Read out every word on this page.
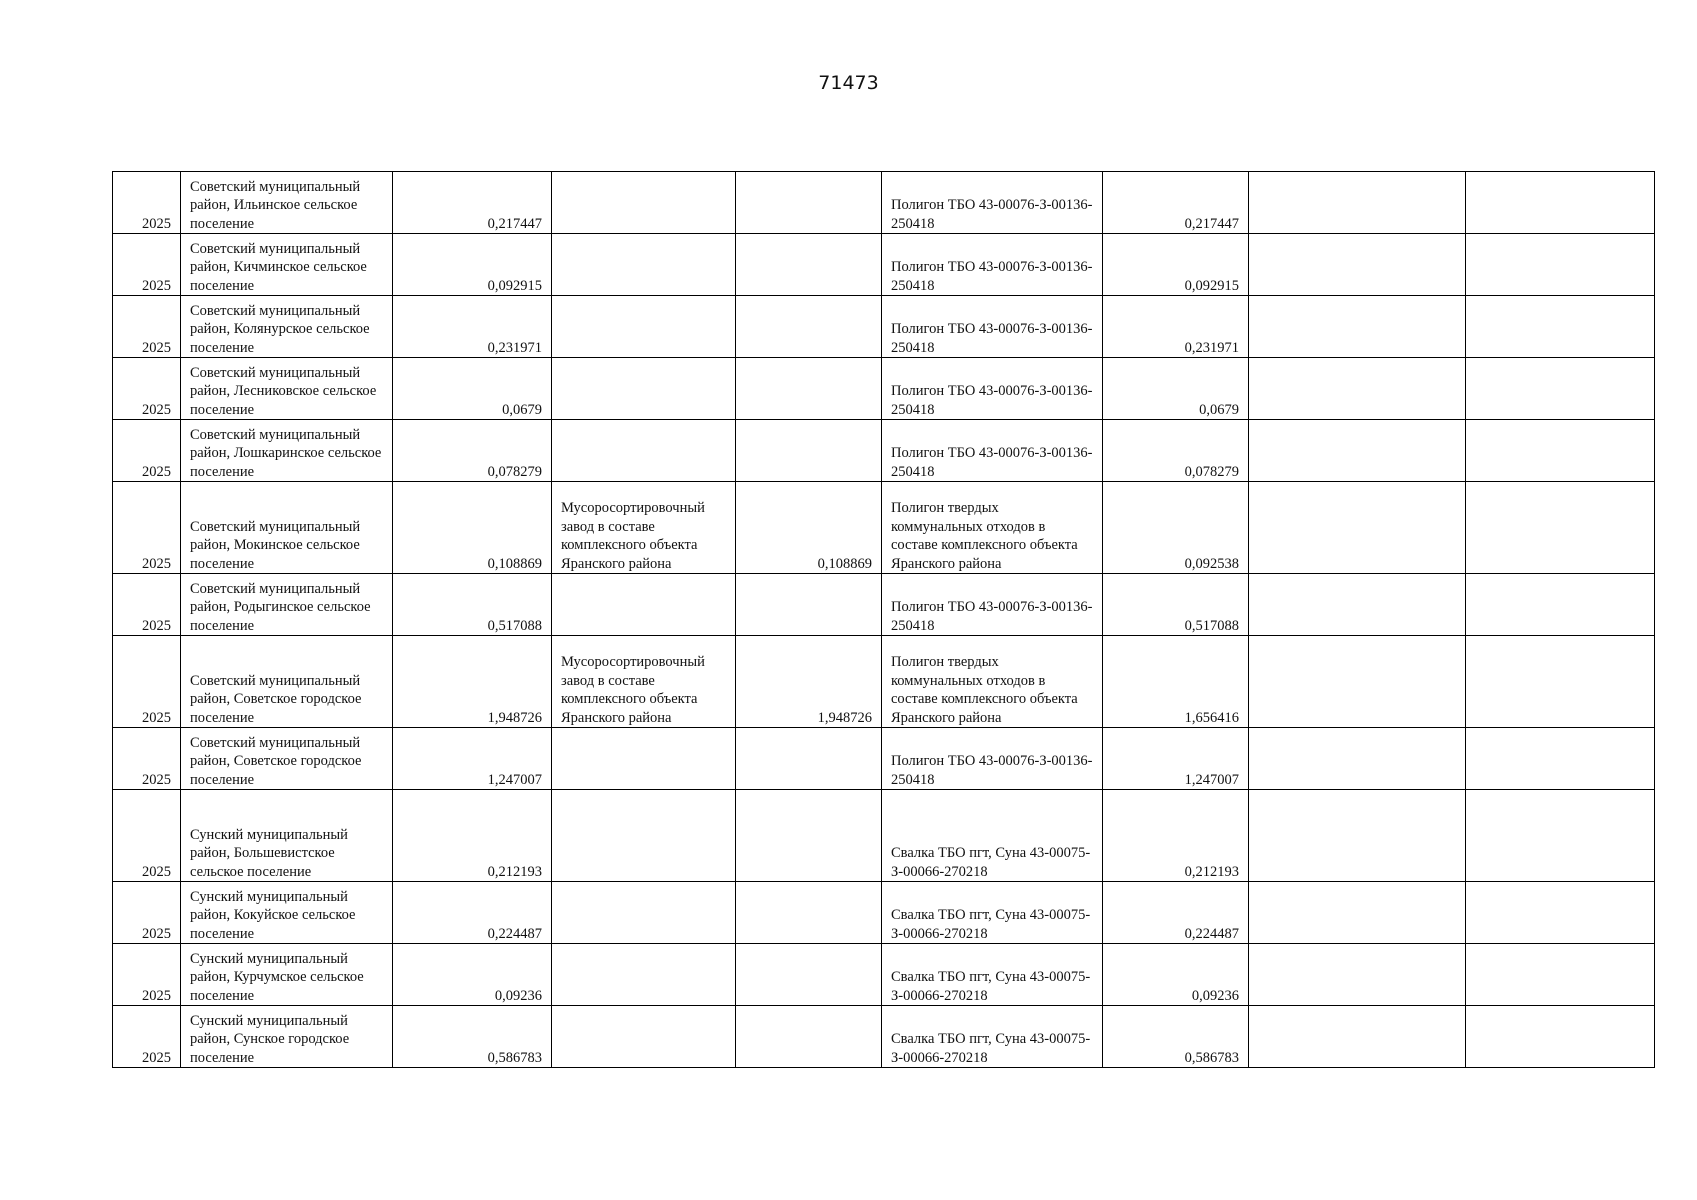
71473
2025	Советский муниципальный район, Ильинское сельское поселение	0,217447			Полигон ТБО 43-00076-З-00136-250418	0,217447		
2025	Советский муниципальный район, Кичминское сельское поселение	0,092915			Полигон ТБО 43-00076-З-00136-250418	0,092915		
2025	Советский муниципальный район, Колянурское сельское поселение	0,231971			Полигон ТБО 43-00076-З-00136-250418	0,231971		
2025	Советский муниципальный район, Лесниковское сельское поселение	0,0679			Полигон ТБО 43-00076-З-00136-250418	0,0679		
2025	Советский муниципальный район, Лошкаринское сельское поселение	0,078279			Полигон ТБО 43-00076-З-00136-250418	0,078279		
2025	Советский муниципальный район, Мокинское сельское поселение	0,108869	Мусоросортировочный завод в составе комплексного объекта Яранского района	0,108869	Полигон твердых коммунальных отходов в составе комплексного объекта Яранского района	0,092538		
2025	Советский муниципальный район, Родыгинское сельское поселение	0,517088			Полигон ТБО 43-00076-З-00136-250418	0,517088		
2025	Советский муниципальный район, Советское городское поселение	1,948726	Мусоросортировочный завод в составе комплексного объекта Яранского района	1,948726	Полигон твердых коммунальных отходов в составе комплексного объекта Яранского района	1,656416		
2025	Советский муниципальный район, Советское городское поселение	1,247007			Полигон ТБО 43-00076-З-00136-250418	1,247007		
2025	Сунский муниципальный район, Большевистское сельское поселение	0,212193			Свалка ТБО пгт, Суна 43-00075-З-00066-270218	0,212193		
2025	Сунский муниципальный район, Кокуйское сельское поселение	0,224487			Свалка ТБО пгт, Суна 43-00075-З-00066-270218	0,224487		
2025	Сунский муниципальный район, Курчумское сельское поселение	0,09236			Свалка ТБО пгт, Суна 43-00075-З-00066-270218	0,09236		
2025	Сунский муниципальный район, Сунское городское поселение	0,586783			Свалка ТБО пгт, Суна 43-00075-З-00066-270218	0,586783		
